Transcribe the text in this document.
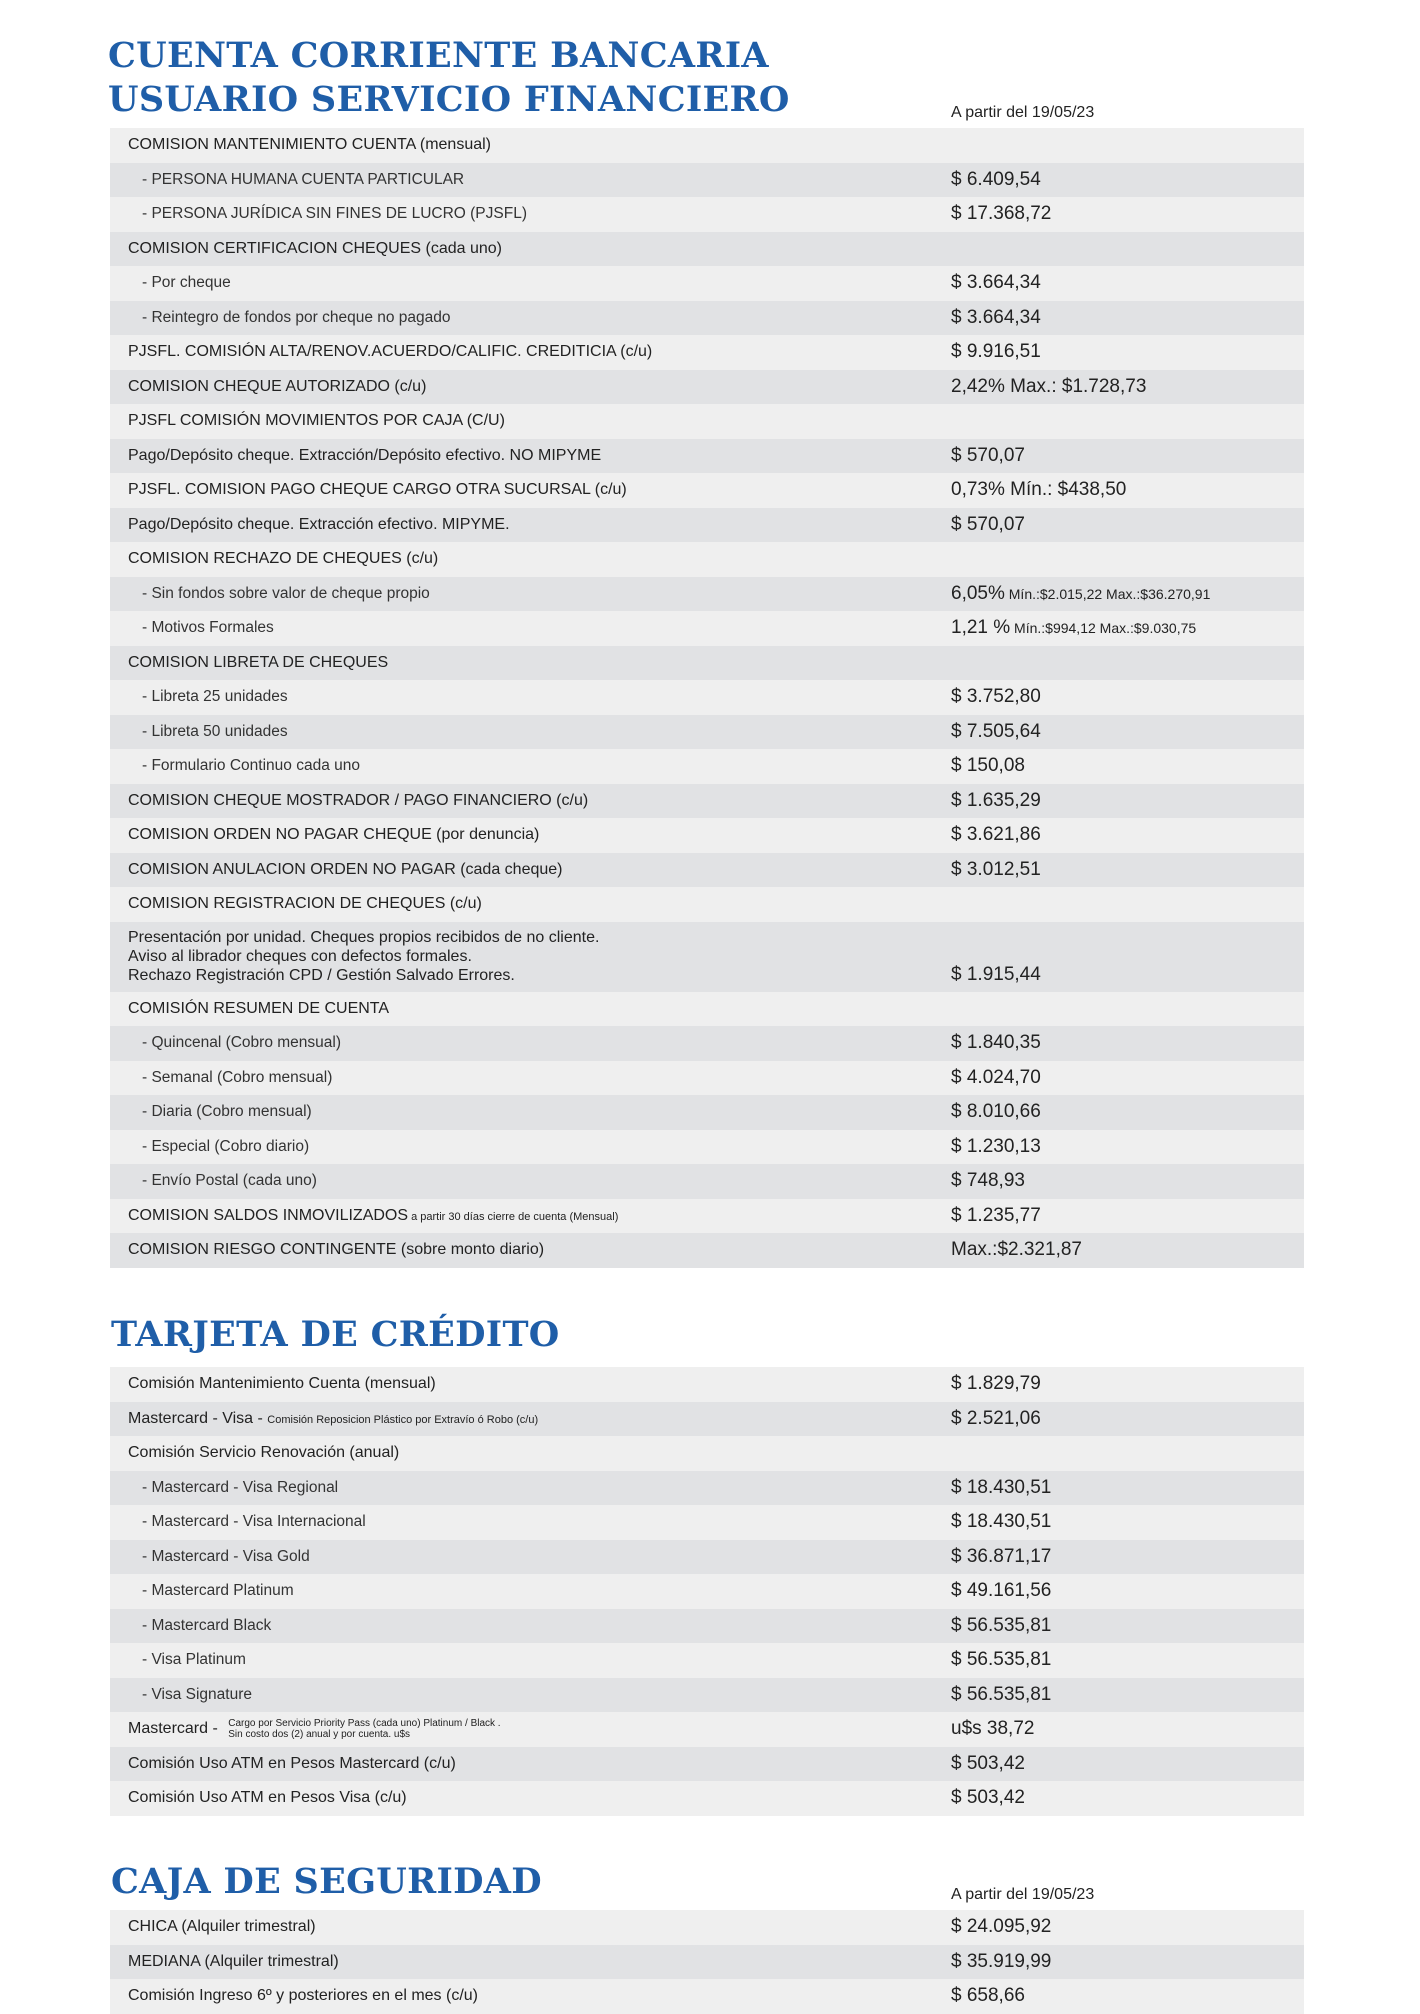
CUENTA CORRIENTE BANCARIA
USUARIO SERVICIO FINANCIERO	A partir del 19/05/23
COMISION MANTENIMIENTO CUENTA (mensual)
- PERSONA HUMANA CUENTA PARTICULAR	$ 6.409,54
- PERSONA JURÍDICA SIN FINES DE LUCRO (PJSFL)	$ 17.368,72
COMISION CERTIFICACION CHEQUES (cada uno)
- Por cheque	$ 3.664,34
- Reintegro de fondos por cheque no pagado	$ 3.664,34
PJSFL. COMISIÓN ALTA/RENOV.ACUERDO/CALIFIC. CREDITICIA (c/u)	$ 9.916,51
COMISION CHEQUE AUTORIZADO (c/u)	2,42% Max.: $1.728,73
PJSFL COMISIÓN MOVIMIENTOS POR CAJA (C/U)
Pago/Depósito cheque. Extracción/Depósito efectivo. NO MIPYME	$ 570,07
PJSFL. COMISION PAGO CHEQUE CARGO OTRA SUCURSAL (c/u)	0,73% Mín.: $438,50
Pago/Depósito cheque. Extracción efectivo. MIPYME.	$ 570,07
COMISION RECHAZO DE CHEQUES (c/u)
- Sin fondos sobre valor de cheque propio	6,05% Mín.:$2.015,22 Max.:$36.270,91
- Motivos Formales	1,21 % Mín.:$994,12 Max.:$9.030,75
COMISION LIBRETA DE CHEQUES
- Libreta 25 unidades	$ 3.752,80
- Libreta 50 unidades	$ 7.505,64
- Formulario Continuo cada uno	$ 150,08
COMISION CHEQUE MOSTRADOR / PAGO FINANCIERO (c/u)	$ 1.635,29
COMISION ORDEN NO PAGAR CHEQUE (por denuncia)	$ 3.621,86
COMISION ANULACION ORDEN NO PAGAR (cada cheque)	$ 3.012,51
COMISION REGISTRACION DE CHEQUES (c/u)
Presentación por unidad. Cheques propios recibidos de no cliente.
Aviso al librador cheques con defectos formales.
Rechazo Registración CPD / Gestión Salvado Errores.	$ 1.915,44
COMISIÓN RESUMEN DE CUENTA
- Quincenal (Cobro mensual)	$ 1.840,35
- Semanal (Cobro mensual)	$ 4.024,70
- Diaria (Cobro mensual)	$ 8.010,66
- Especial (Cobro diario)	$ 1.230,13
- Envío Postal (cada uno)	$ 748,93
COMISION SALDOS INMOVILIZADOS a partir 30 días cierre de cuenta (Mensual)	$ 1.235,77
COMISION RIESGO CONTINGENTE (sobre monto diario)	Max.:$2.321,87
TARJETA DE CRÉDITO
Comisión Mantenimiento Cuenta (mensual)	$ 1.829,79
Mastercard - Visa - Comisión Reposicion Plástico por Extravío ó Robo (c/u)	$ 2.521,06
Comisión Servicio Renovación (anual)
- Mastercard - Visa Regional	$ 18.430,51
- Mastercard - Visa Internacional	$ 18.430,51
- Mastercard - Visa Gold	$ 36.871,17
- Mastercard Platinum	$ 49.161,56
- Mastercard Black	$ 56.535,81
- Visa Platinum	$ 56.535,81
- Visa Signature	$ 56.535,81
Mastercard - Cargo por Servicio Priority Pass (cada uno) Platinum / Black .
Sin costo dos (2) anual y por cuenta. u$s	u$s 38,72
Comisión Uso ATM en Pesos Mastercard (c/u)	$ 503,42
Comisión Uso ATM en Pesos Visa (c/u)	$ 503,42
CAJA DE SEGURIDAD	A partir del 19/05/23
CHICA (Alquiler trimestral)	$ 24.095,92
MEDIANA (Alquiler trimestral)	$ 35.919,99
Comisión Ingreso 6º y posteriores en el mes (c/u)	$ 658,66
